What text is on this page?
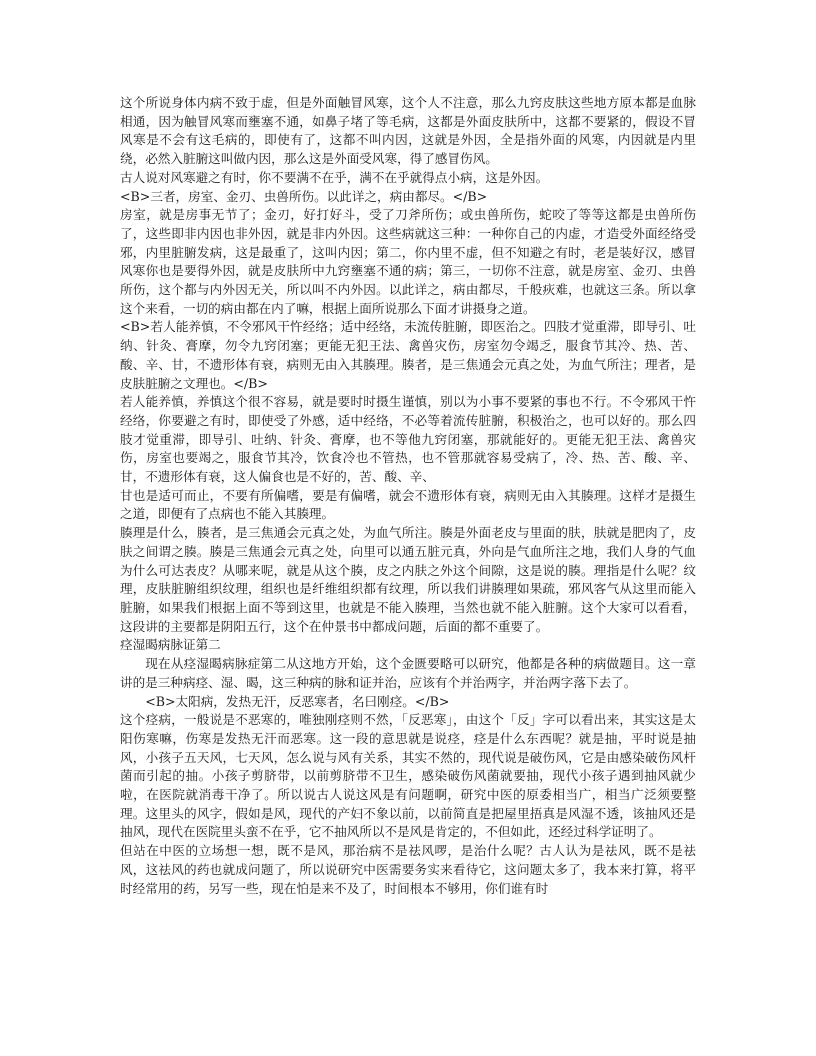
这个所说身体内病不致于虚，但是外面触冒风寒，这个人不注意，那么九窍皮肤这些地方原本都是血脉相通，因为触冒风寒而壅塞不通，如鼻子堵了等毛病，这都是外面皮肤所中，这都不要紧的，假设不冒风寒是不会有这毛病的，即使有了，这都不叫内因，这就是外因，全是指外面的风寒，内因就是内里绕，必然入脏腑这叫做内因，那么这是外面受风寒，得了感冒伤风。

古人说对风寒避之有时，你不要满不在乎，满不在乎就得点小病，这是外因。

<B>三者，房室、金刃、虫兽所伤。以此详之，病由都尽。</B>

房室，就是房事无节了；金刃，好打好斗，受了刀斧所伤；或虫兽所伤，蛇咬了等等这都是虫兽所伤了，这些即非内因也非外因，就是非内外因。这些病就这三种：一种你自己的内虚，才造受外面经络受邪，内里脏腑发病，这是最重了，这叫内因；第二，你内里不虚，但不知避之有时，老是装好汉，感冒风寒你也是要得外因，就是皮肤所中九窍壅塞不通的病；第三，一切你不注意，就是房室、金刃、虫兽所伤，这个都与内外因无关，所以叫不内外因。以此详之，病由都尽，千般疢难，也就这三条。所以拿这个来看，一切的病由都在内了嘛，根据上面所说那么下面才讲摄身之道。

<B>若人能养慎，不令邪风干忤经络；适中经络，未流传脏腑，即医治之。四肢才觉重滞，即导引、吐纳、针灸、膏摩，勿令九窍闭塞；更能无犯王法、禽兽灾伤，房室勿令竭乏，服食节其冷、热、苦、酸、辛、甘，不遗形体有衰，病则无由入其腠理。腠者，是三焦通会元真之处，为血气所注；理者，是皮肤脏腑之文理也。</B>

若人能养慎，养慎这个很不容易，就是要时时摄生谨慎，别以为小事不要紧的事也不行。不令邪风干忤经络，你要避之有时，即使受了外感，适中经络，不必等着流传脏腑，积极治之，也可以好的。那么四肢才觉重滞，即导引、吐纳、针灸、膏摩，也不等他九窍闭塞，那就能好的。更能无犯王法、禽兽灾伤，房室也要竭之，服食节其冷，饮食冷也不管热，也不管那就容易受病了，冷、热、苦、酸、辛、甘，不遗形体有衰，这人偏食也是不好的，苦、酸、辛、

甘也是适可而止，不要有所偏嗜，要是有偏嗜，就会不遗形体有衰，病则无由入其腠理。这样才是摄生之道，即便有了点病也不能入其腠理。

腠理是什么，腠者，是三焦通会元真之处，为血气所注。腠是外面老皮与里面的肤，肤就是肥肉了，皮肤之间谓之腠。腠是三焦通会元真之处，向里可以通五脏元真，外向是气血所注之地，我们人身的气血为什么可达表皮？从哪来呢，就是从这个腠，皮之内肤之外这个间隙，这是说的腠。理指是什么呢？纹理，皮肤脏腑组织纹理，组织也是纤维组织都有纹理，所以我们讲腠理如果疏，邪风客气从这里而能入脏腑，如果我们根据上面不等到这里，也就是不能入腠理，当然也就不能入脏腑。这个大家可以看看，这段讲的主要都是阴阳五行，这个在仲景书中都成问题，后面的都不重要了。

痉湿暍病脉证第二

现在从痉湿暍病脉症第二从这地方开始，这个金匮要略可以研究，他都是各种的病做题目。这一章讲的是三种病痉、湿、暍，这三种病的脉和证并治，应该有个并治两字，并治两字落下去了。

<B>太阳病，发热无汗，反恶寒者，名曰刚痉。</B>

这个痉病，一般说是不恶寒的，唯独刚痉则不然，「反恶寒」，由这个「反」字可以看出来，其实这是太阳伤寒嘛，伤寒是发热无汗而恶寒。这一段的意思就是说痉，痉是什么东西呢？就是抽，平时说是抽风，小孩子五天风，七天风，怎么说与风有关系，其实不然的，现代说是破伤风，它是由感染破伤风杆菌而引起的抽。小孩子剪脐带，以前剪脐带不卫生，感染破伤风菌就要抽，现代小孩子遇到抽风就少啦，在医院就消毒干净了。所以说古人说这风是有问题啊，研究中医的原委相当广，相当广泛须要整理。这里头的风字，假如是风，现代的产妇不象以前，以前简直是把屋里捂真是风湿不透，该抽风还是抽风，现代在医院里头蛮不在乎，它不抽风所以不是风是肯定的，不但如此，还经过科学证明了。

但站在中医的立场想一想，既不是风，那治病不是祛风啰，是治什么呢？古人认为是祛风，既不是祛风，这祛风的药也就成问题了，所以说研究中医需要务实来看待它，这问题太多了，我本来打算，将平时经常用的药，另写一些，现在怕是来不及了，时间根本不够用，你们谁有时
